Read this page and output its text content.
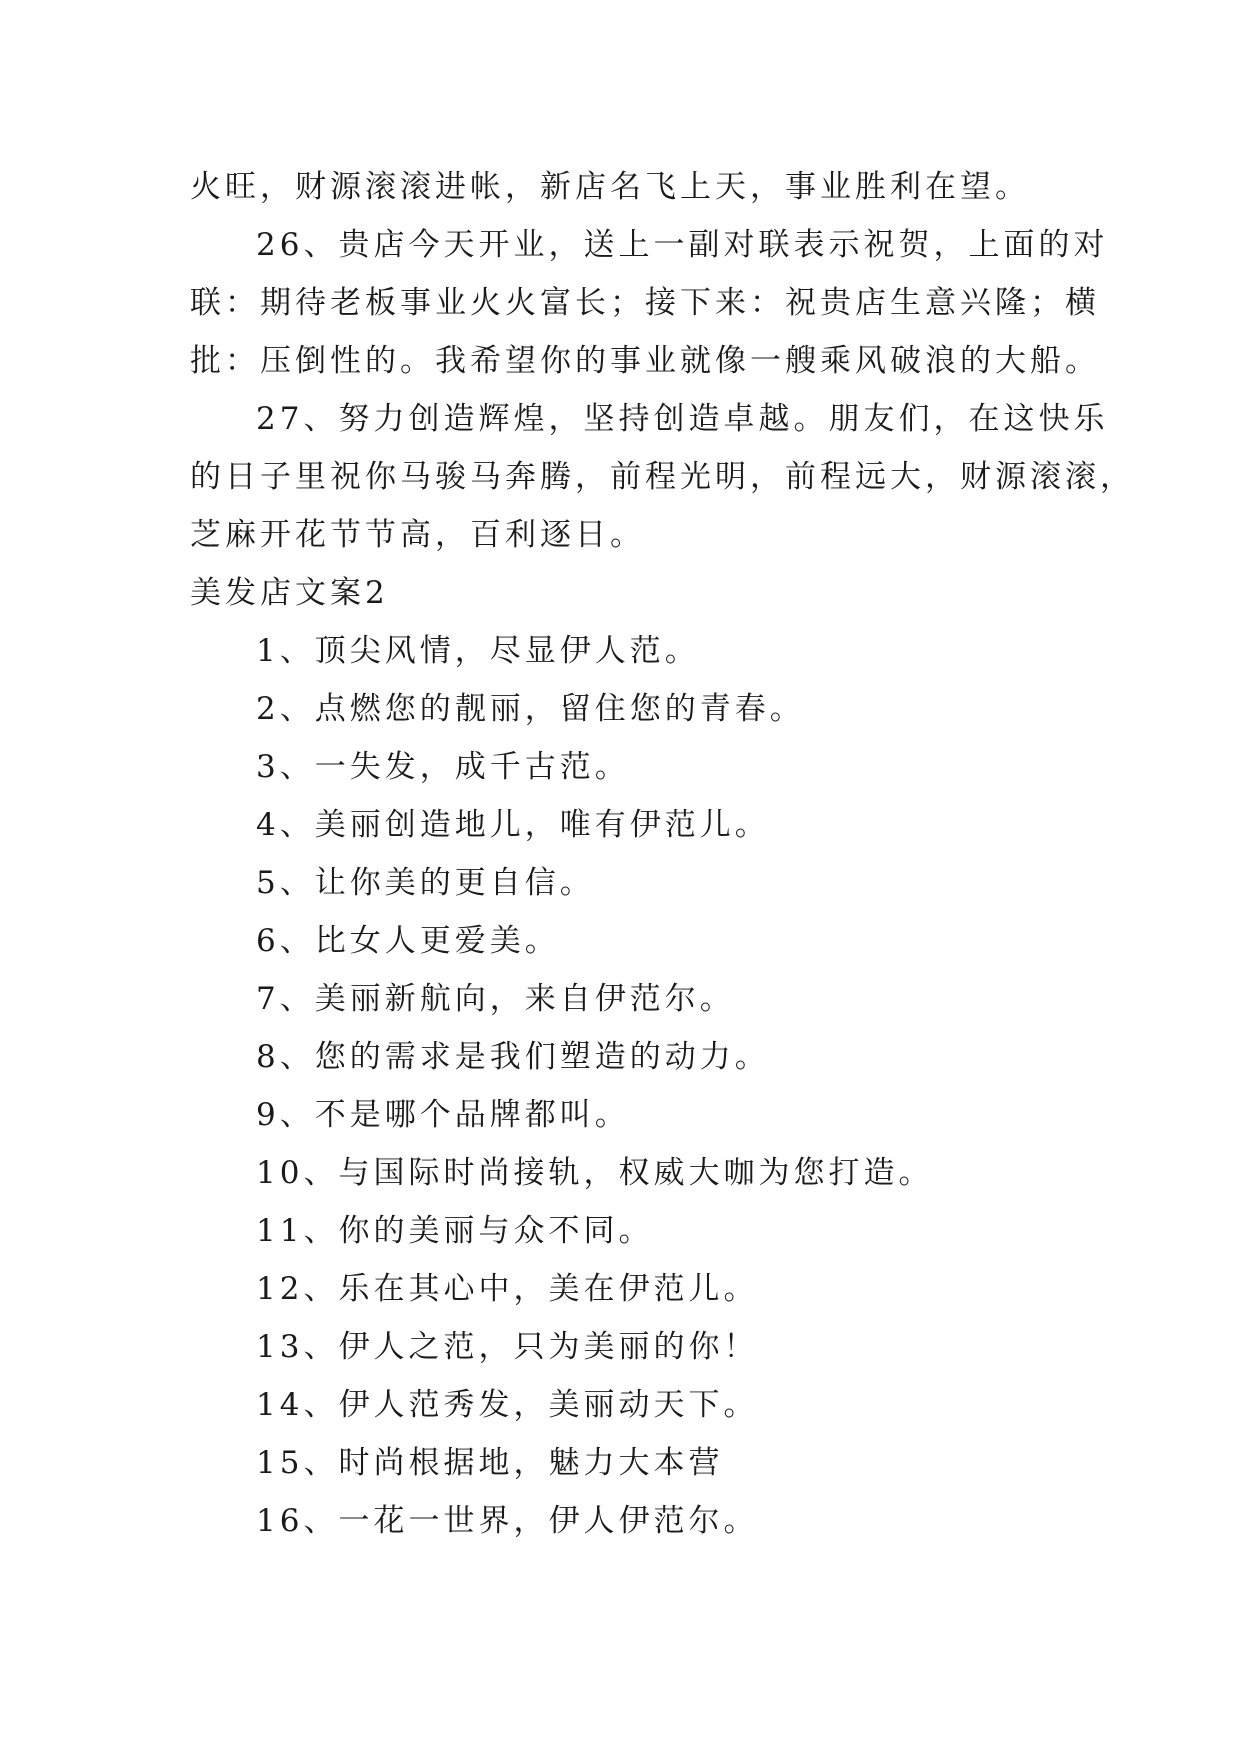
火旺，财源滚滚进帐，新店名飞上天，事业胜利在望。
26、贵店今天开业，送上一副对联表示祝贺，上面的对
联：期待老板事业火火富长；接下来：祝贵店生意兴隆；横
批：压倒性的。我希望你的事业就像一艘乘风破浪的大船。
27、努力创造辉煌，坚持创造卓越。朋友们，在这快乐
的日子里祝你马骏马奔腾，前程光明，前程远大，财源滚滚，
芝麻开花节节高，百利逐日。
美发店文案2
1、顶尖风情，尽显伊人范。
2、点燃您的靓丽，留住您的青春。
3、一失发，成千古范。
4、美丽创造地儿，唯有伊范儿。
5、让你美的更自信。
6、比女人更爱美。
7、美丽新航向，来自伊范尔。
8、您的需求是我们塑造的动力。
9、不是哪个品牌都叫。
10、与国际时尚接轨，权威大咖为您打造。
11、你的美丽与众不同。
12、乐在其心中，美在伊范儿。
13、伊人之范，只为美丽的你！
14、伊人范秀发，美丽动天下。
15、时尚根据地，魅力大本营
16、一花一世界，伊人伊范尔。
